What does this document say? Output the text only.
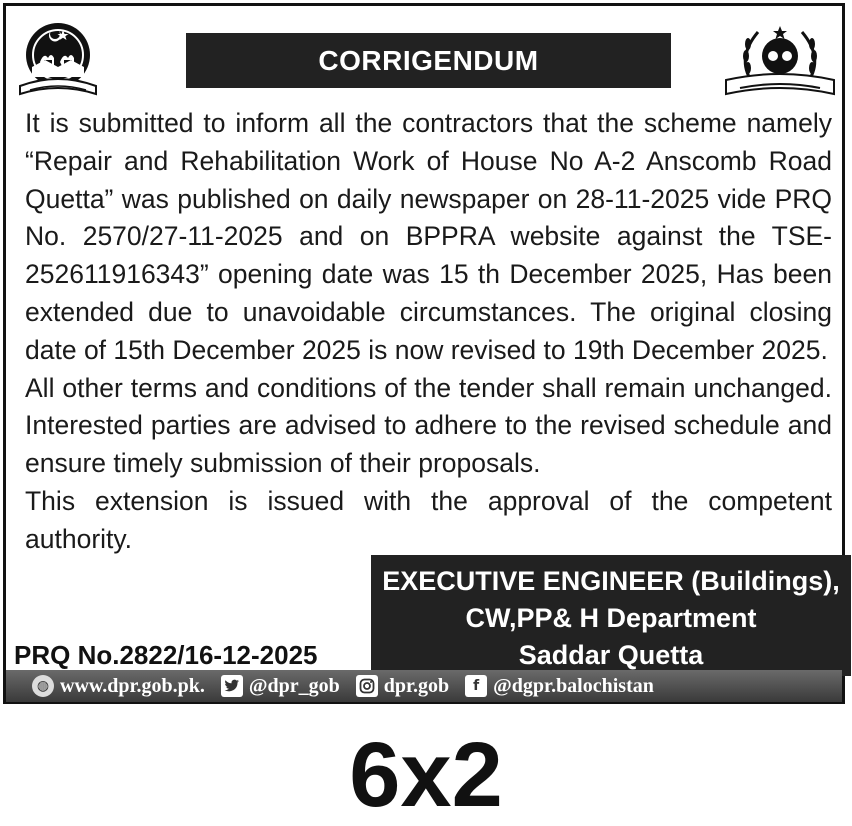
CORRIGENDUM

It is submitted to inform all the contractors that the scheme namely “Repair and Rehabilitation Work of House No A-2 Anscomb Road Quetta” was published on daily newspaper on 28-11-2025 vide PRQ No. 2570/27-11-2025 and on BPPRA website against the TSE-252611916343” opening date was 15 th December 2025, Has been extended due to unavoidable circumstances. The original closing date of 15th December 2025 is now revised to 19th December 2025.

All other terms and conditions of the tender shall remain unchanged. Interested parties are advised to adhere to the revised schedule and ensure timely submission of their proposals.

This extension is issued with the approval of the competent authority.

EXECUTIVE ENGINEER (Buildings),
CW,PP& H Department
Saddar Quetta
PRQ No.2822/16-12-2025
◍ www.dpr.gob.pk. @dpr_gob dpr.gob	f @dgpr.balochistan
6x2
